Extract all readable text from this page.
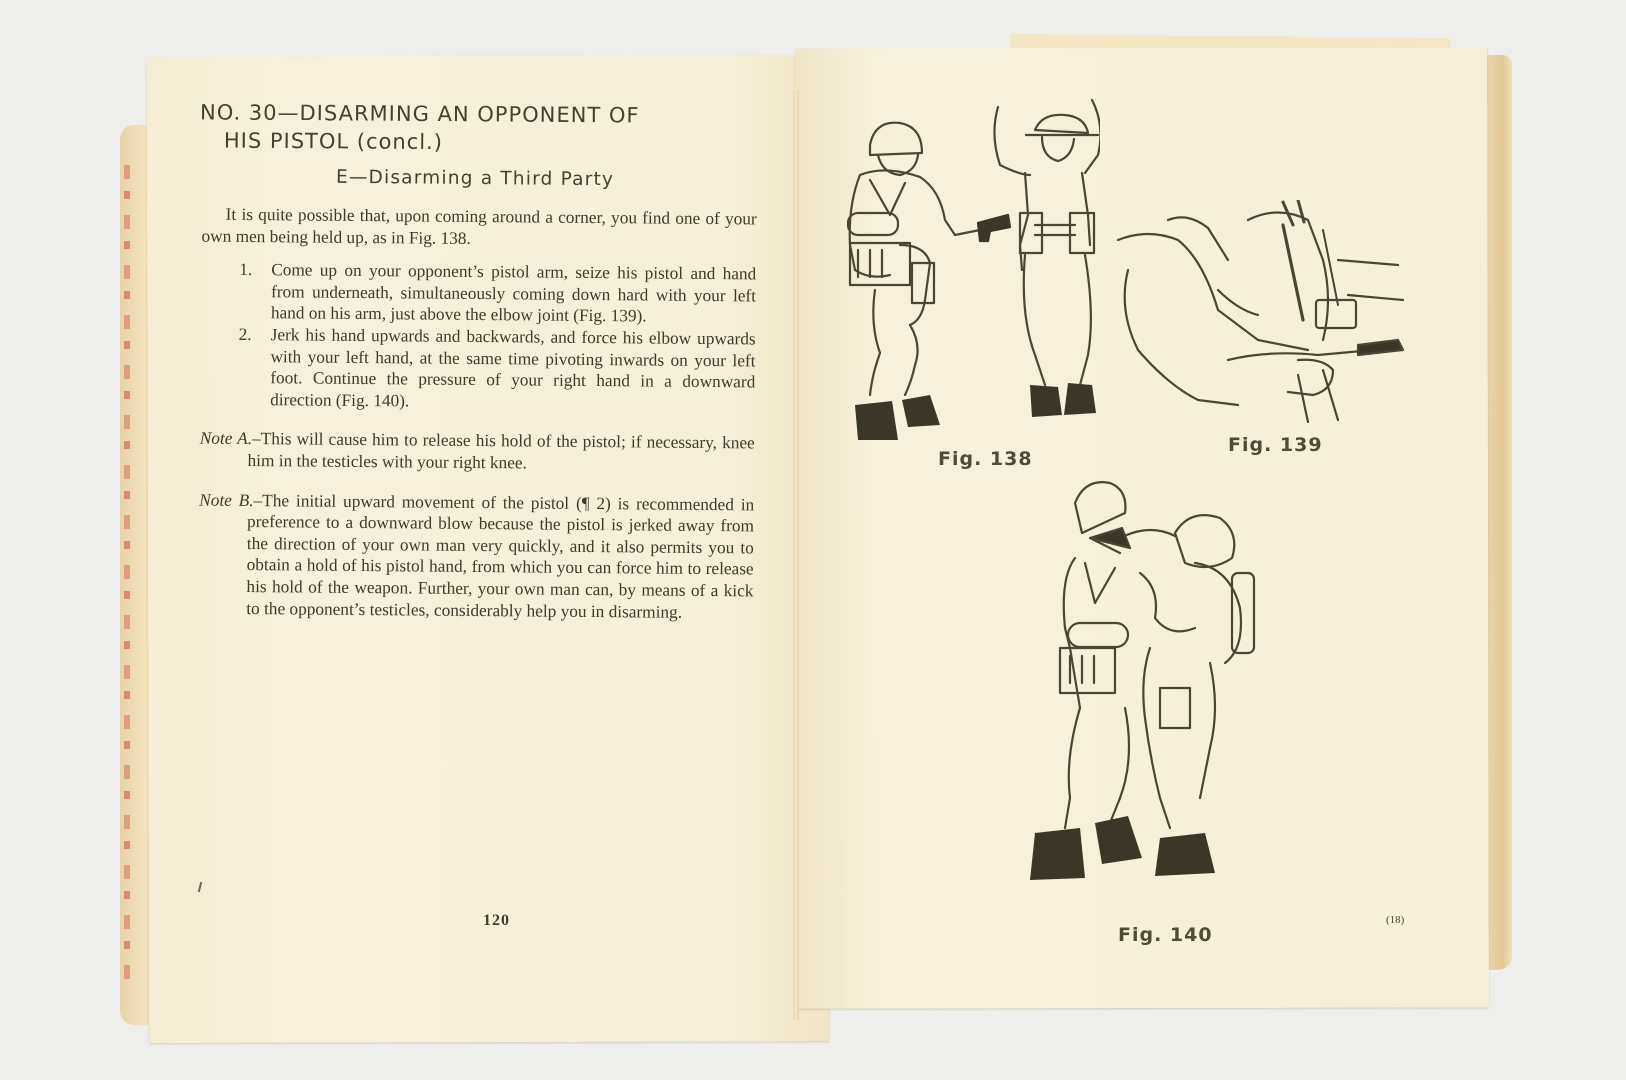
NO. 30—DISARMING AN OPPONENT OF
HIS PISTOL (concl.)
E—Disarming a Third Party

It is quite possible that, upon coming around a corner, you find one of your own men being held up, as in Fig. 138.

1. Come up on your opponent’s pistol arm, seize his pistol and hand from underneath, simultaneously coming down hard with your left hand on his arm, just above the elbow joint (Fig. 139).
2. Jerk his hand upwards and backwards, and force his elbow upwards with your left hand, at the same time pivoting inwards on your left foot. Continue the pressure of your right hand in a downward direction (Fig. 140).

Note A.–This will cause him to release his hold of the pistol; if necessary, knee him in the testicles with your right knee.

Note B.–The initial upward movement of the pistol (¶ 2) is recommended in preference to a downward blow because the pistol is jerked away from the direction of your own man very quickly, and it also permits you to obtain a hold of his pistol hand, from which you can force him to release his hold of the weapon. Further, your own man can, by means of a kick to the opponent’s testicles, considerably help you in disarming.

120
Fig. 138
Fig. 139
Fig. 140
(18)
